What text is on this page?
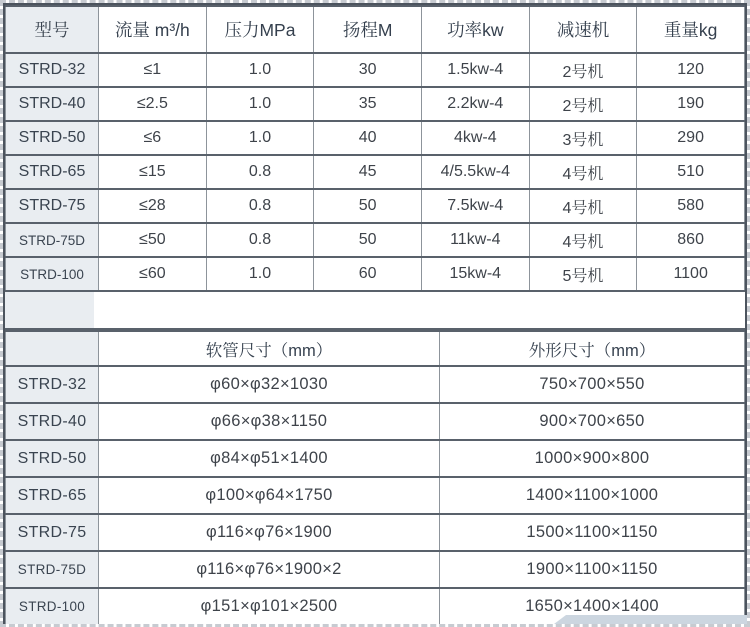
型号	流量 m³/h	压力MPa	扬程M	功率kw	减速机	重量kg
STRD-32	≤1	1.0	30	1.5kw-4	2号机	120
STRD-40	≤2.5	1.0	35	2.2kw-4	2号机	190
STRD-50	≤6	1.0	40	4kw-4	3号机	290
STRD-65	≤15	0.8	45	4/5.5kw-4	4号机	510
STRD-75	≤28	0.8	50	7.5kw-4	4号机	580
STRD-75D	≤50	0.8	50	11kw-4	4号机	860
STRD-100	≤60	1.0	60	15kw-4	5号机	1100
	软管尺寸（mm）	外形尺寸（mm）
STRD-32	φ60×φ32×1030	750×700×550
STRD-40	φ66×φ38×1150	900×700×650
STRD-50	φ84×φ51×1400	1000×900×800
STRD-65	φ100×φ64×1750	1400×1100×1000
STRD-75	φ116×φ76×1900	1500×1100×1150
STRD-75D	φ116×φ76×1900×2	1900×1100×1150
STRD-100	φ151×φ101×2500	1650×1400×1400
